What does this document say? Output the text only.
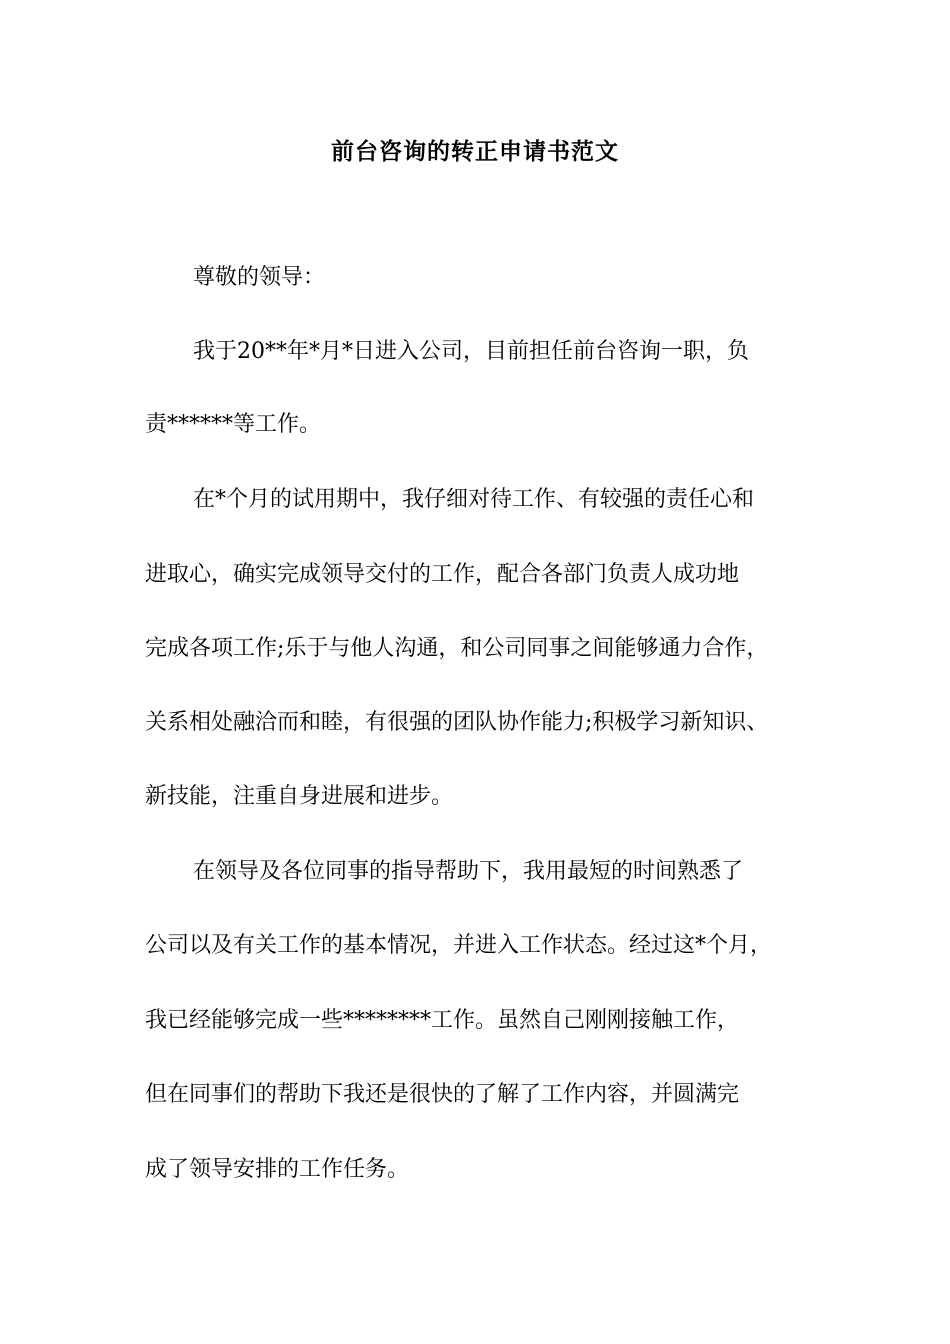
前台咨询的转正申请书范文
尊敬的领导：
我于20**年*月*日进入公司，目前担任前台咨询一职，负
责******等工作。
在*个月的试用期中，我仔细对待工作、有较强的责任心和
进取心，确实完成领导交付的工作，配合各部门负责人成功地
完成各项工作;乐于与他人沟通，和公司同事之间能够通力合作，
关系相处融洽而和睦，有很强的团队协作能力;积极学习新知识、
新技能，注重自身进展和进步。
在领导及各位同事的指导帮助下，我用最短的时间熟悉了
公司以及有关工作的基本情况，并进入工作状态。经过这*个月，
我已经能够完成一些********工作。虽然自己刚刚接触工作，
但在同事们的帮助下我还是很快的了解了工作内容，并圆满完
成了领导安排的工作任务。
